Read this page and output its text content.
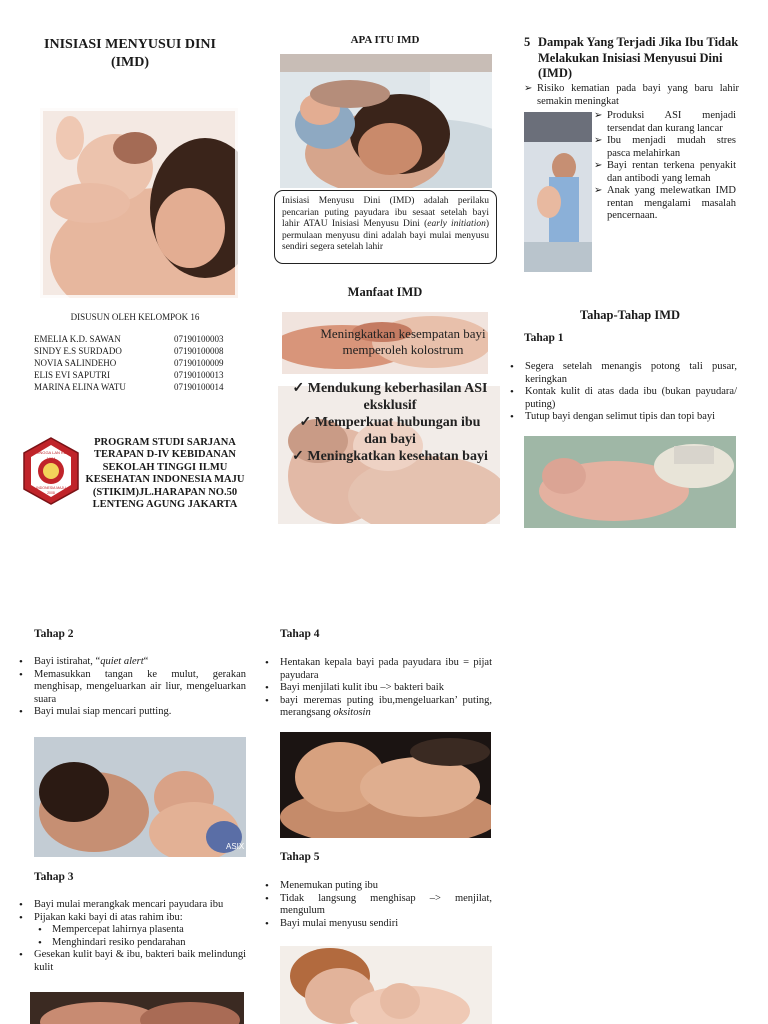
INISIASI MENYUSUI DINI
(IMD)
DISUSUN OLEH KELOMPOK 16
EMELIA K.D. SAWAN	07190100003
SINDY E.S SURDADO	07190100008
NOVIA SALINDEHO	07190100009
ELIS EVI SAPUTRI	07190100013
MARINA ELINA WATU	07190100014
HINGGA LAN KU
1984
INDONESIA MAJU
2008
PROGRAM STUDI SARJANA
TERAPAN D-IV KEBIDANAN
SEKOLAH TINGGI ILMU
KESEHATAN INDONESIA MAJU
(STIKIM)JL.HARAPAN NO.50
LENTENG AGUNG JAKARTA
APA ITU IMD
Inisiasi Menyusu Dini (IMD) adalah perilaku pencarian puting payudara ibu sesaat setelah bayi lahir ATAU Inisiasi Menyusu Dini (early initiation) permulaan menyusu dini adalah bayi mulai menyusu sendiri segera setelah lahir
Manfaat IMD
Meningkatkan kesempatan bayi memperoleh kolostrum
✓ Mendukung keberhasilan ASI eksklusif
✓ Memperkuat hubungan ibu dan bayi
✓ Meningkatkan kesehatan bayi
5 Dampak Yang Terjadi Jika Ibu Tidak Melakukan Inisiasi Menyusui Dini (IMD)
➢ Risiko kematian pada bayi yang baru lahir semakin meningkat
➢ Produksi ASI menjadi tersendat dan kurang lancar
➢ Ibu menjadi mudah stres pasca melahirkan
➢ Bayi rentan terkena penyakit dan antibodi yang lemah
➢ Anak yang melewatkan IMD rentan mengalami masalah pencernaan.
Tahap-Tahap IMD
Tahap 1
• Segera setelah menangis potong tali pusar, keringkan
• Kontak kulit di atas dada ibu (bukan payudara/ puting)
• Tutup bayi dengan selimut tipis dan topi bayi
Tahap 2
• Bayi istirahat, “quiet alert“
• Memasukkan tangan ke mulut, gerakan menghisap, mengeluarkan air liur, mengeluarkan suara
• Bayi mulai siap mencari putting.
ASIX
Tahap 3
• Bayi mulai merangkak mencari payudara ibu
• Pijakan kaki bayi di atas rahim ibu:
• Mempercepat lahirnya plasenta
• Menghindari resiko pendarahan
• Gesekan kulit bayi & ibu, bakteri baik melindungi kulit
Tahap 4
• Hentakan kepala bayi pada payudara ibu = pijat payudara
• Bayi menjilati kulit ibu –> bakteri baik
• bayi meremas puting ibu,mengeluarkan’ puting, merangsang oksitosin
Tahap 5
• Menemukan puting ibu
• Tidak langsung menghisap –> menjilat, mengulum
• Bayi mulai menyusu sendiri
